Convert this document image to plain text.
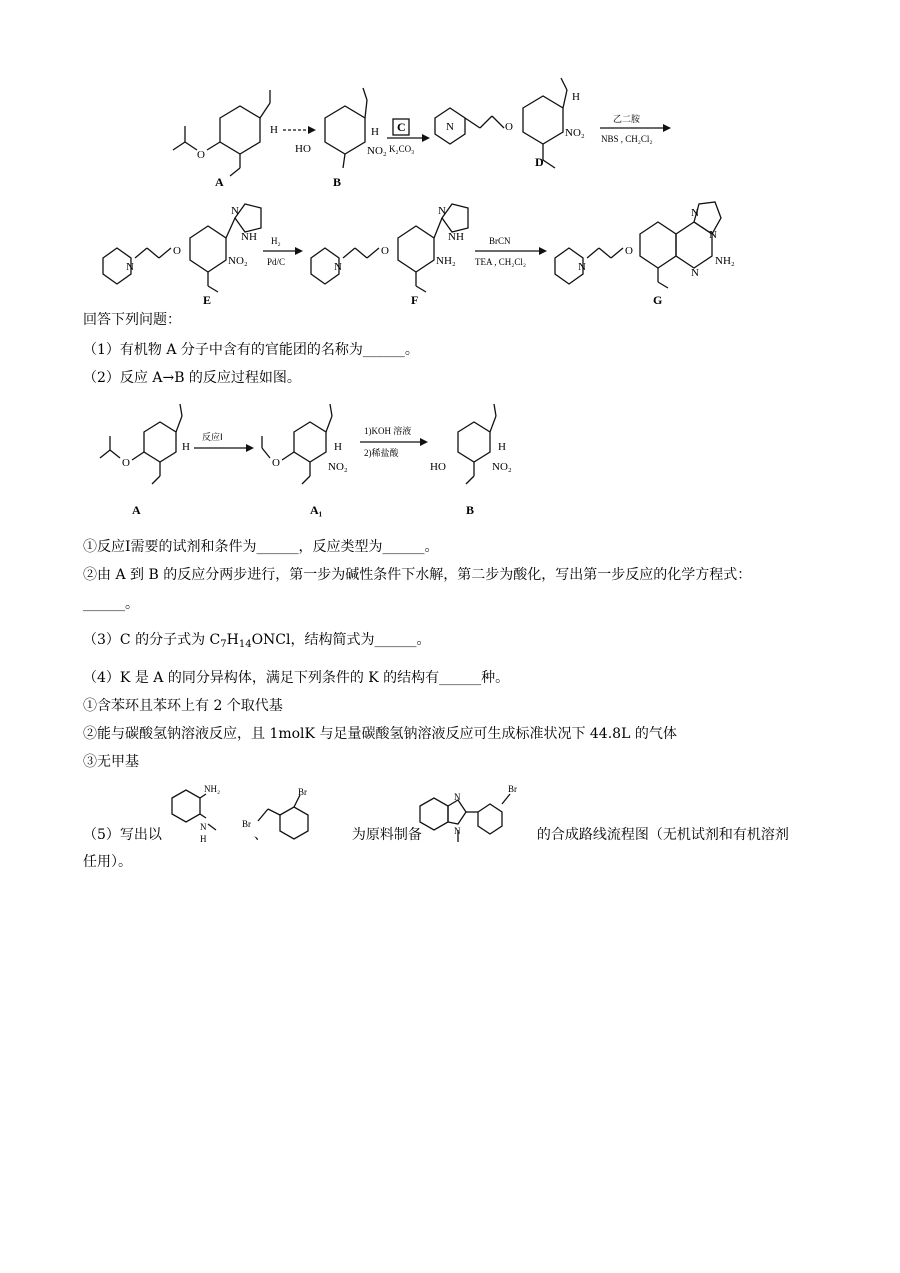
H
O
A
H
HO	NO₂
B
C
K₂CO₃
N	O
H
NO₂
D
乙二胺
NBS , CH₂Cl₂
N
O
N
NH
NO₂
E
H₂
Pd/C	N
O
N
NH
NH₂
F
BrCN
TEA , CH₂Cl₂	N
O
N
N
N
NH₂
G
回答下列问题：
（1）有机物 A 分子中含有的官能团的名称为______。
（2）反应 A→B 的反应过程如图。
H
O
A
反应Ⅰ
H
O	NO₂
A₁
1)KOH 溶液
2)稀盐酸	H
HO	NO₂
B
①反应Ⅰ需要的试剂和条件为______，反应类型为______。
②由 A 到 B 的反应分两步进行，第一步为碱性条件下水解，第二步为酸化，写出第一步反应的化学方程式：
______。
（3）C 的分子式为 $C_7H_{14}ONCl$，结构简式为______。
（4）K 是 A 的同分异构体，满足下列条件的 K 的结构有______种。
①含苯环且苯环上有 2 个取代基
②能与碳酸氢钠溶液反应，且 1molK 与足量碳酸氢钠溶液反应可生成标准状况下 44.8L 的气体
③无甲基
（5）写出以	、	为原料制备	的合成路线流程图（无机试剂和有机溶剂
任用）。
NH₂
N
H
Br
Br	N
N
Br
